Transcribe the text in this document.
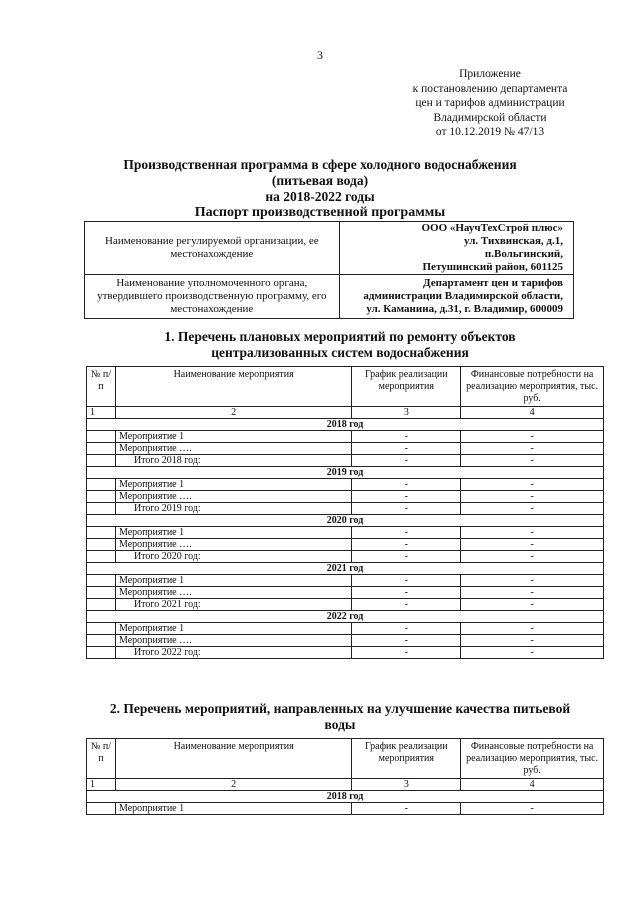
3
Приложение
к постановлению департамента
цен и тарифов администрации
Владимирской области
от 10.12.2019 № 47/13
Производственная программа в сфере холодного водоснабжения
(питьевая вода)
на 2018-2022 годы
Паспорт производственной программы
Наименование регулируемой организации, ее местонахождение	ООО «НаучТехСтрой плюс»
ул. Тихвинская, д.1,
п.Вольгинский,
Петушинский район, 601125

Наименование уполномоченного органа, утвердившего производственную программу, его местонахождение	Департамент цен и тарифов
администрации Владимирской области,
ул. Каманина, д.31, г. Владимир, 600009
1. Перечень плановых мероприятий по ремонту объектов
централизованных систем водоснабжения
№ п/п	Наименование мероприятия	График реализации мероприятия	Финансовые потребности на реализацию мероприятия, тыс. руб.
1	2	3	4
2018 год			
	Мероприятие 1	-	-
	Мероприятие ….	-	-
	Итого 2018 год:	-	-
2019 год			
	Мероприятие 1	-	-
	Мероприятие ….	-	-
	Итого 2019 год:	-	-
2020 год			
	Мероприятие 1	-	-
	Мероприятие ….	-	-
	Итого 2020 год:	-	-
2021 год			
	Мероприятие 1	-	-
	Мероприятие ….	-	-
	Итого 2021 год:	-	-
2022 год			
	Мероприятие 1	-	-
	Мероприятие ….	-	-
	Итого 2022 год:	-	-
2. Перечень мероприятий, направленных на улучшение качества питьевой
воды
№ п/п	Наименование мероприятия	График реализации мероприятия	Финансовые потребности на реализацию мероприятия, тыс. руб.
1	2	3	4
2018 год			
	Мероприятие 1	-	-
